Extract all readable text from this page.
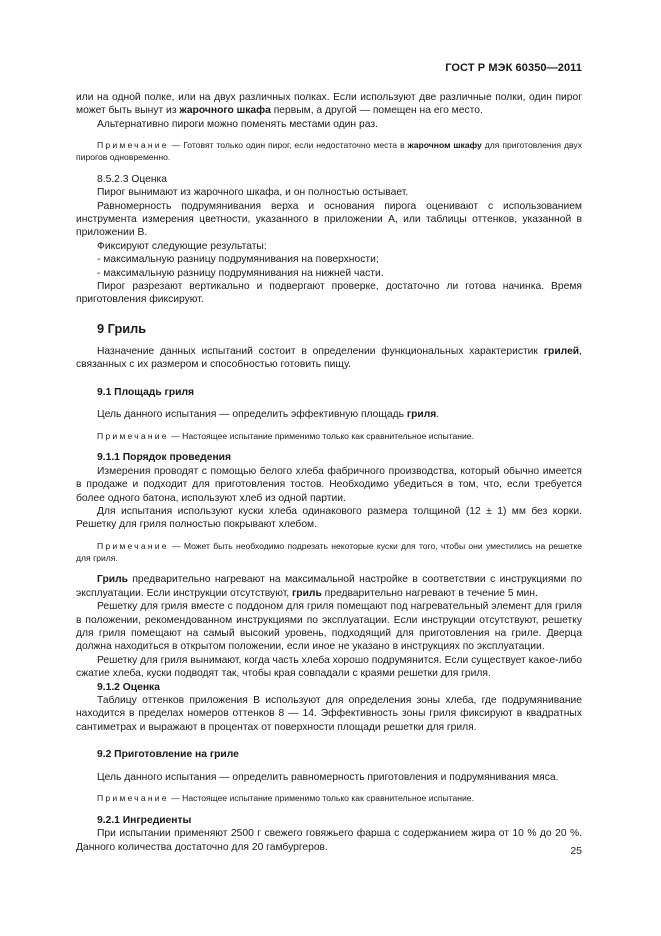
ГОСТ Р МЭК 60350—2011

или на одной полке, или на двух различных полках. Если используют две различные полки, один пирог может быть вынут из жарочного шкафа первым, а другой — помещен на его место.

Альтернативно пироги можно поменять местами один раз.

Примечание — Готовят только один пирог, если недостаточно места в жарочном шкафу для приготовления двух пирогов одновременно.

8.5.2.3 Оценка

Пирог вынимают из жарочного шкафа, и он полностью остывает.

Равномерность подрумянивания верха и основания пирога оценивают с использованием инструмента измерения цветности, указанного в приложении А, или таблицы оттенков, указанной в приложении В.

Фиксируют следующие результаты:

- максимальную разницу подрумянивания на поверхности;

- максимальную разницу подрумянивания на нижней части.

Пирог разрезают вертикально и подвергают проверке, достаточно ли готова начинка. Время приготовления фиксируют.

9 Гриль

Назначение данных испытаний состоит в определении функциональных характеристик грилей, связанных с их размером и способностью готовить пищу.

9.1 Площадь гриля

Цель данного испытания — определить эффективную площадь гриля.

Примечание — Настоящее испытание применимо только как сравнительное испытание.

9.1.1 Порядок проведения

Измерения проводят с помощью белого хлеба фабричного производства, который обычно имеется в продаже и подходит для приготовления тостов. Необходимо убедиться в том, что, если требуется более одного батона, используют хлеб из одной партии.

Для испытания используют куски хлеба одинакового размера толщиной (12 ± 1) мм без корки. Решетку для гриля полностью покрывают хлебом.

Примечание — Может быть необходимо подрезать некоторые куски для того, чтобы они уместились на решетке для гриля.

Гриль предварительно нагревают на максимальной настройке в соответствии с инструкциями по эксплуатации. Если инструкции отсутствуют, гриль предварительно нагревают в течение 5 мин.

Решетку для гриля вместе с поддоном для гриля помещают под нагревательный элемент для гриля в положении, рекомендованном инструкциями по эксплуатации. Если инструкции отсутствуют, решетку для гриля помещают на самый высокий уровень, подходящий для приготовления на гриле. Дверца должна находиться в открытом положении, если иное не указано в инструкциях по эксплуатации.

Решетку для гриля вынимают, когда часть хлеба хорошо подрумянится. Если существует какое-либо сжатие хлеба, куски подводят так, чтобы края совпадали с краями решетки для гриля.

9.1.2 Оценка

Таблицу оттенков приложения В используют для определения зоны хлеба, где подрумянивание находится в пределах номеров оттенков 8 — 14. Эффективность зоны гриля фиксируют в квадратных сантиметрах и выражают в процентах от поверхности площади решетки для гриля.

9.2 Приготовление на гриле

Цель данного испытания — определить равномерность приготовления и подрумянивания мяса.

Примечание — Настоящее испытание применимо только как сравнительное испытание.

9.2.1 Ингредиенты

При испытании применяют 2500 г свежего говяжьего фарша с содержанием жира от 10 % до 20 %. Данного количества достаточно для 20 гамбургеров.	25
